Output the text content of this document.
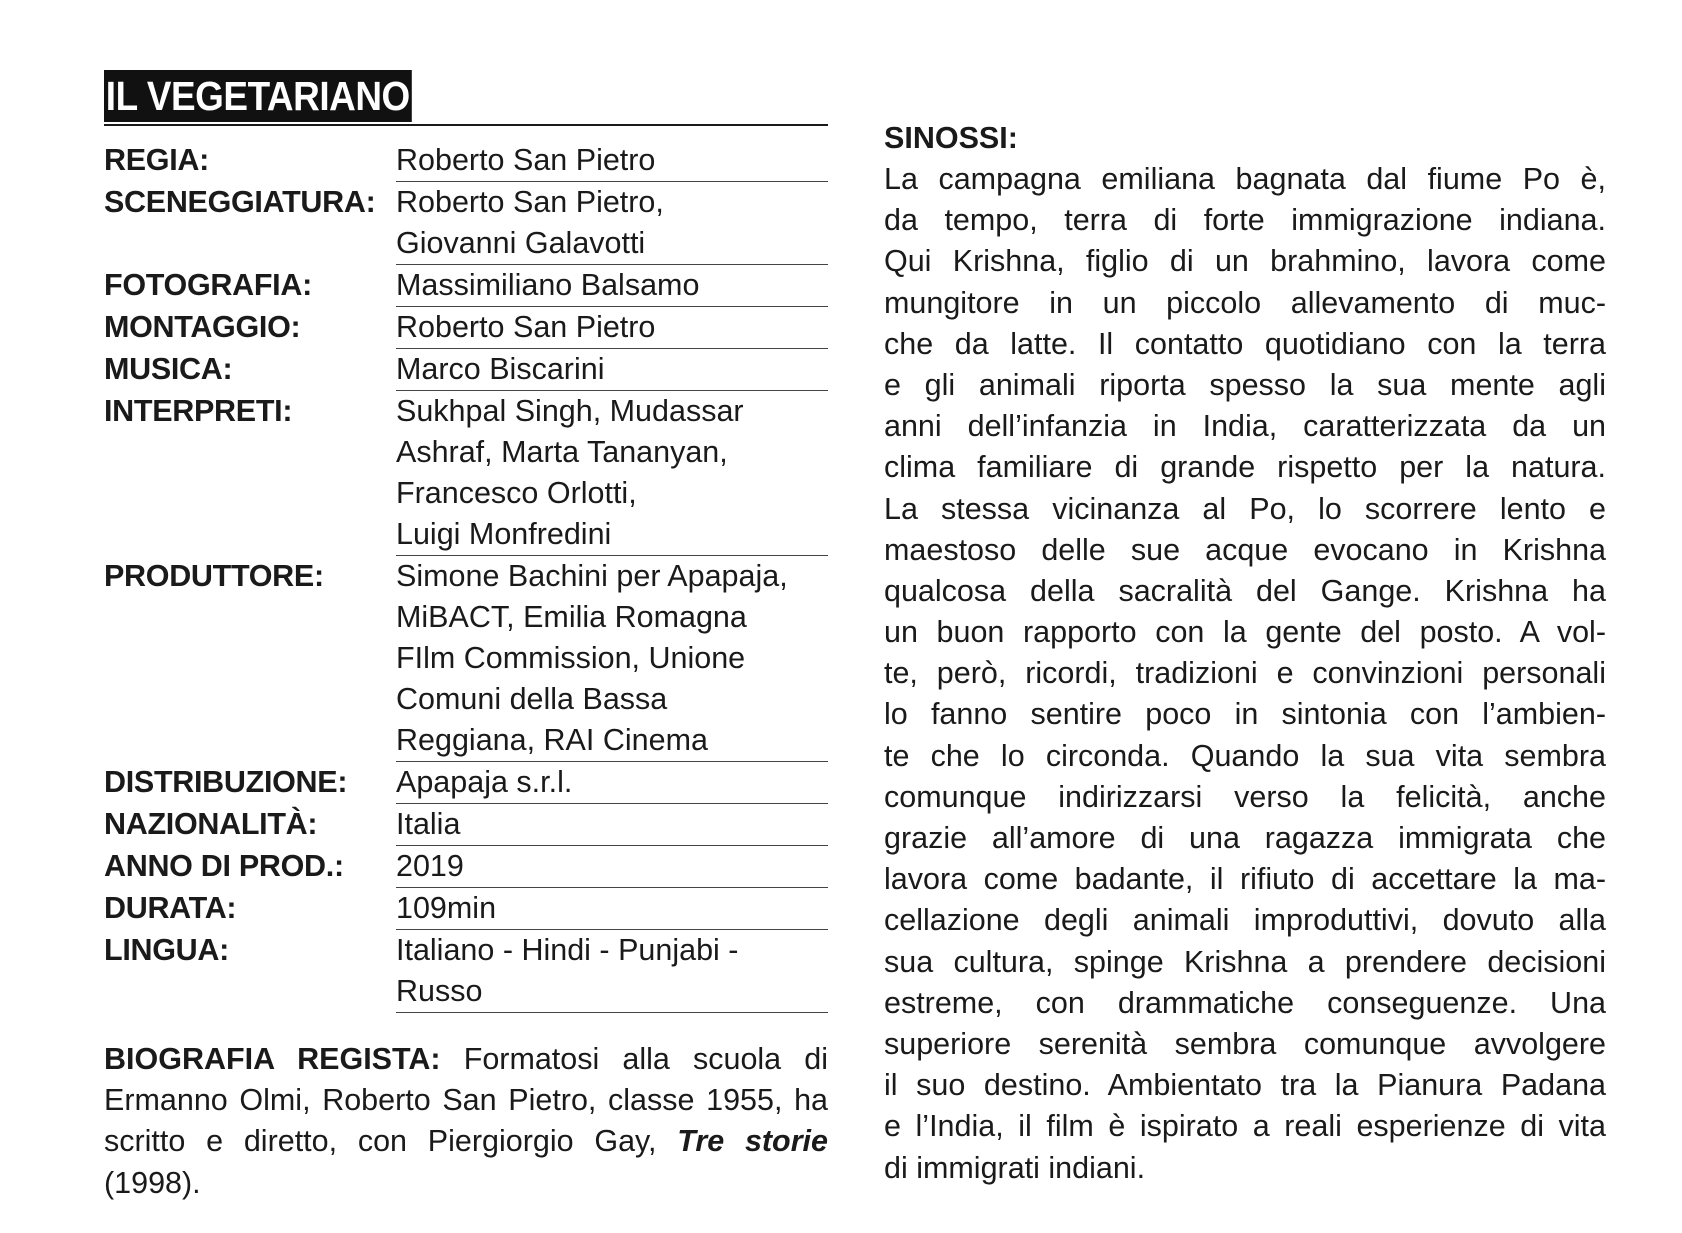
IL VEGETARIANO
REGIA:	Roberto San Pietro

SCENEGGIATURA:	Roberto San Pietro,
Giovanni Galavotti

FOTOGRAFIA:	Massimiliano Balsamo

MONTAGGIO:	Roberto San Pietro

MUSICA:	Marco Biscarini

INTERPRETI:	Sukhpal Singh, Mudassar
Ashraf, Marta Tananyan,
Francesco Orlotti,
Luigi Monfredini

PRODUTTORE:	Simone Bachini per Apapaja,
MiBACT, Emilia Romagna
FIlm Commission, Unione
Comuni della Bassa
Reggiana, RAI Cinema

DISTRIBUZIONE:	Apapaja s.r.l.

NAZIONALITÀ:	Italia

ANNO DI PROD.:	2019

DURATA:	109min

LINGUA:	Italiano - Hindi - Punjabi -
Russo
BIOGRAFIA REGISTA: Formatosi alla scuola di Ermanno Olmi, Roberto San Pietro, classe 1955, ha scritto e diretto, con Piergiorgio Gay, Tre storie (1998).
SINOSSI:
La campagna emiliana bagnata dal fiume Po è,
da tempo, terra di forte immigrazione indiana.
Qui Krishna, figlio di un brahmino, lavora come
mungitore in un piccolo allevamento di muc-
che da latte. Il contatto quotidiano con la terra
e gli animali riporta spesso la sua mente agli
anni dell’infanzia in India, caratterizzata da un
clima familiare di grande rispetto per la natura.
La stessa vicinanza al Po, lo scorrere lento e
maestoso delle sue acque evocano in Krishna
qualcosa della sacralità del Gange. Krishna ha
un buon rapporto con la gente del posto. A vol-
te, però, ricordi, tradizioni e convinzioni personali
lo fanno sentire poco in sintonia con l’ambien-
te che lo circonda. Quando la sua vita sembra
comunque indirizzarsi verso la felicità, anche
grazie all’amore di una ragazza immigrata che
lavora come badante, il rifiuto di accettare la ma-
cellazione degli animali improduttivi, dovuto alla
sua cultura, spinge Krishna a prendere decisioni
estreme, con drammatiche conseguenze. Una
superiore serenità sembra comunque avvolgere
il suo destino. Ambientato tra la Pianura Padana
e l’India, il film è ispirato a reali esperienze di vita
di immigrati indiani.
